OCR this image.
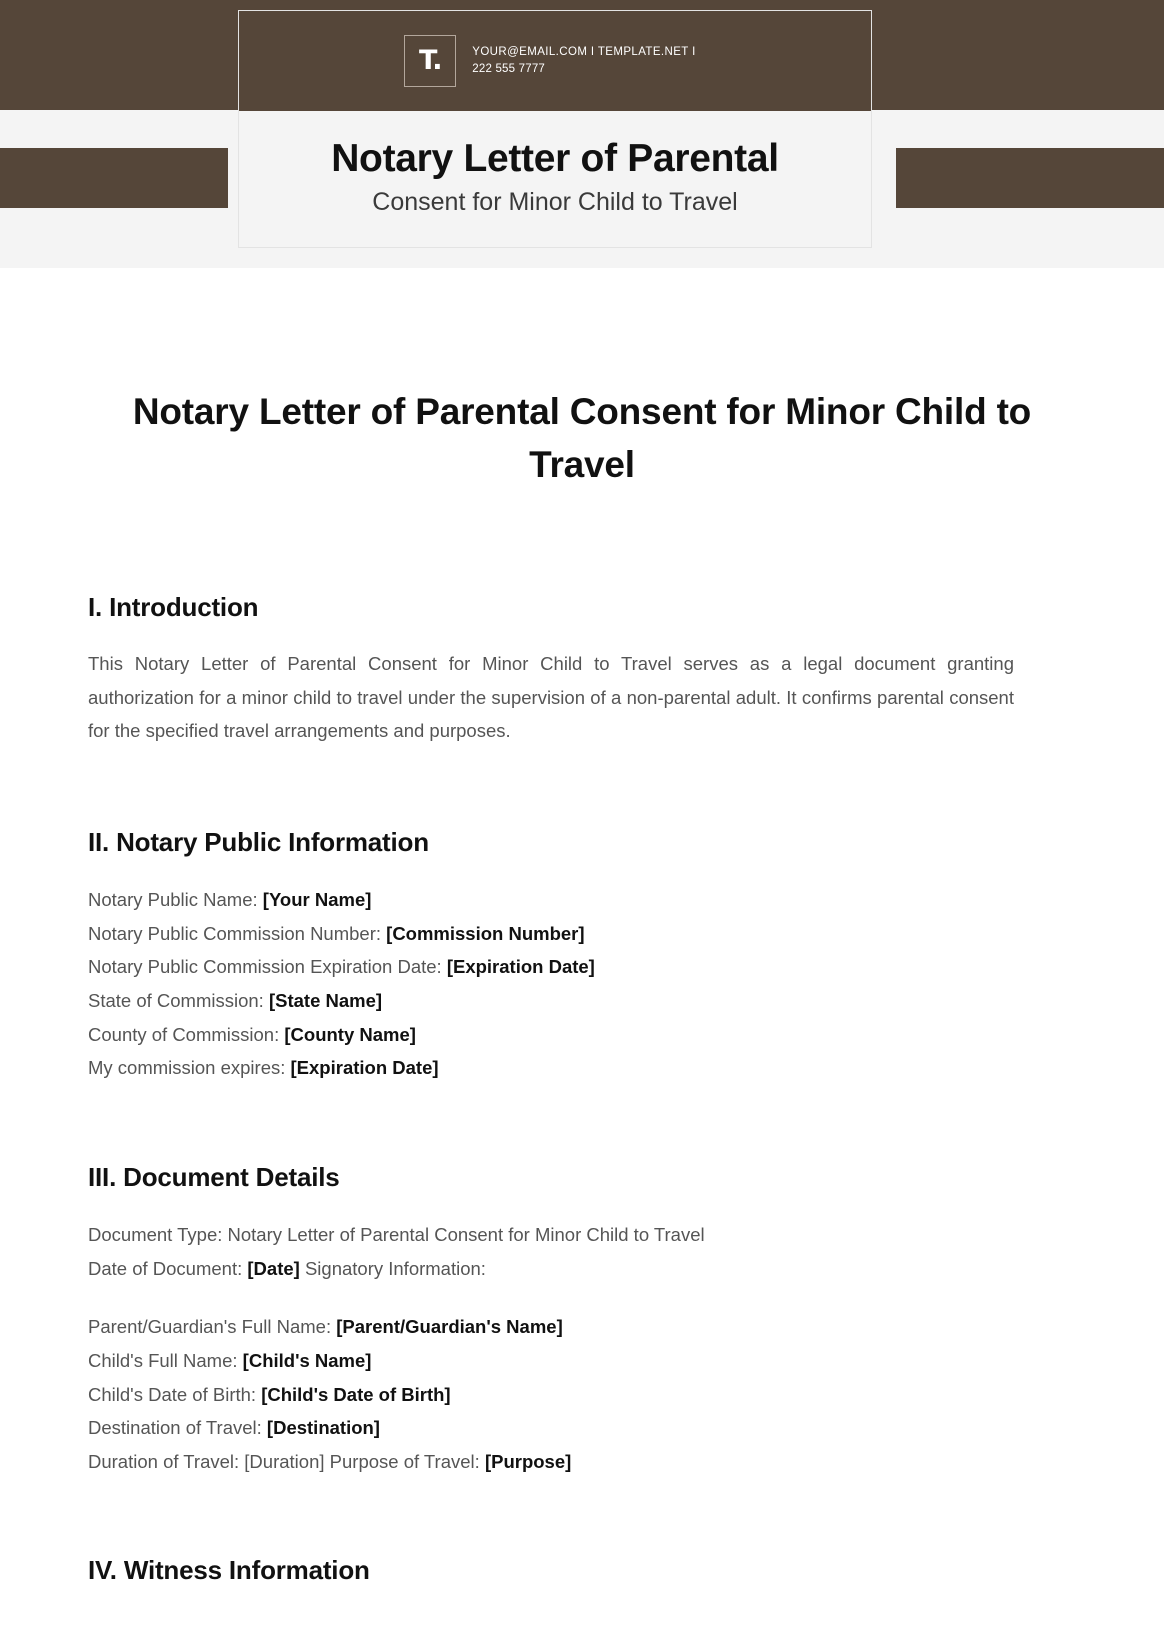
T.	YOUR@EMAIL.COM I TEMPLATE.NET I
222 555 7777
Notary Letter of Parental
Consent for Minor Child to Travel
Notary Letter of Parental Consent for Minor Child to Travel
I. Introduction

This Notary Letter of Parental Consent for Minor Child to Travel serves as a legal document granting authorization for a minor child to travel under the supervision of a non-parental adult. It confirms parental consent for the specified travel arrangements and purposes.

II. Notary Public Information
Notary Public Name: [Your Name]
Notary Public Commission Number: [Commission Number]
Notary Public Commission Expiration Date: [Expiration Date]
State of Commission: [State Name]
County of Commission: [County Name]
My commission expires: [Expiration Date]
III. Document Details
Document Type: Notary Letter of Parental Consent for Minor Child to Travel
Date of Document: [Date] Signatory Information:
Parent/Guardian's Full Name: [Parent/Guardian's Name]
Child's Full Name: [Child's Name]
Child's Date of Birth: [Child's Date of Birth]
Destination of Travel: [Destination]
Duration of Travel: [Duration] Purpose of Travel: [Purpose]
IV. Witness Information
